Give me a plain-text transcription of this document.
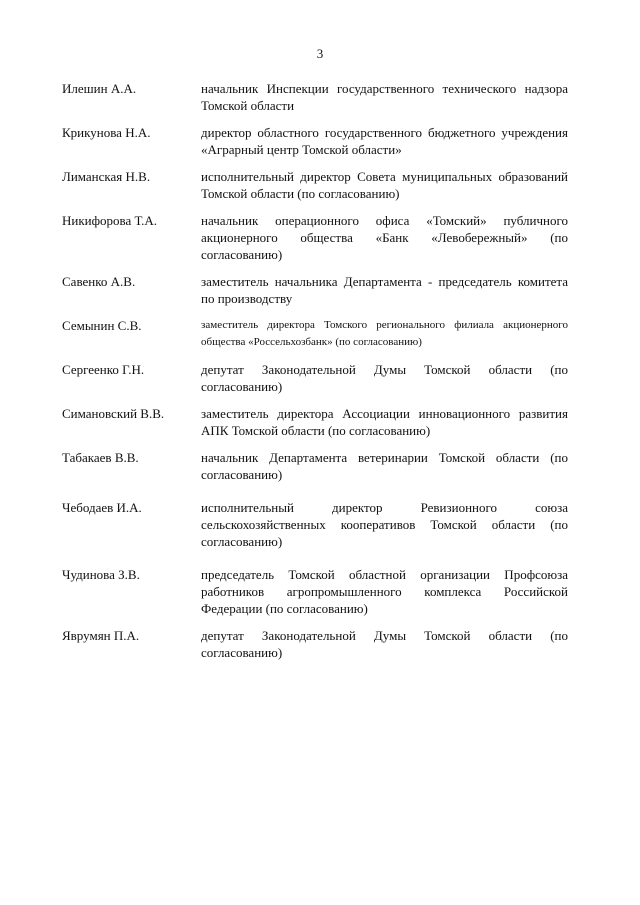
3
Илешин А.А.	начальник Инспекции государственного технического надзора Томской области
Крикунова Н.А.	директор областного государственного бюджетного учреждения «Аграрный центр Томской области»
Лиманская Н.В.	исполнительный директор Совета муниципальных образований Томской области (по согласованию)
Никифорова Т.А.	начальник операционного офиса «Томский» публичного акционерного общества «Банк «Левобережный» (по согласованию)
Савенко А.В.	заместитель начальника Департамента - председатель комитета по производству
Семынин С.В.	заместитель директора Томского регионального филиала акционерного общества «Россельхозбанк» (по согласованию)
Сергеенко Г.Н.	депутат Законодательной Думы Томской области (по согласованию)
Симановский В.В.	заместитель директора Ассоциации инновационного развития АПК Томской области (по согласованию)
Табакаев В.В.	начальник Департамента ветеринарии Томской области (по согласованию)
Чебодаев И.А.	исполнительный директор Ревизионного союза сельскохозяйственных кооперативов Томской области (по согласованию)
Чудинова З.В.	председатель Томской областной организации Профсоюза работников агропромышленного комплекса Российской Федерации (по согласованию)
Яврумян П.А.	депутат Законодательной Думы Томской области (по согласованию)
